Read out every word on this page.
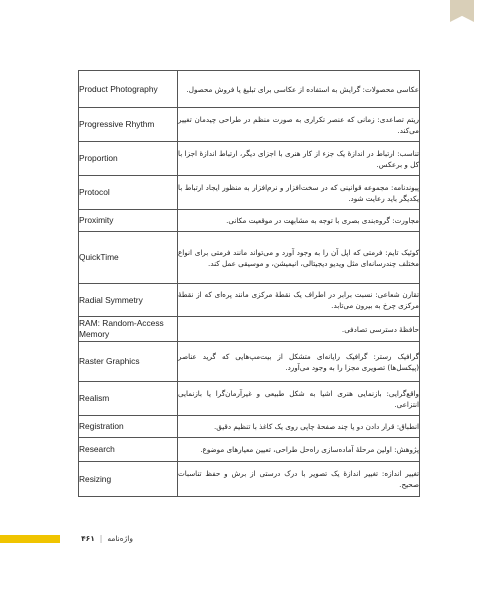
Product Photography	عکاسی محصولات: گرایش به استفاده از عکاسی برای تبلیغ یا فروش محصول.
Progressive Rhythm	ریتم تصاعدی: زمانی که عنصر تکراری به صورت منظم در طراحی چیدمان تغییر می‌کند.
Proportion	تناسب: ارتباط در اندازهٔ یک جزء از کار هنری با اجزای دیگر، ارتباط اندازهٔ اجزا با کل و برعکس.
Protocol	پیوندنامه: مجموعه قوانینی که در سخت‌افزار و نرم‌افزار به منظور ایجاد ارتباط با یکدیگر باید رعایت شود.
Proximity	مجاورت: گروه‌بندی بصری با توجه به مشابهت در موقعیت مکانی.
QuickTime	کوئیک تایم: فرمتی که اپل آن را به وجود آورد و می‌تواند مانند فرمتی برای انواع مختلف چندرسانه‌ای مثل ویدیو دیجیتالی، انیمیشن، و موسیقی عمل کند.
Radial Symmetry	تقارن شعاعی: نسبت برابر در اطراف یک نقطهٔ مرکزی مانند پره‌ای که از نقطهٔ مرکزی چرخ به بیرون می‌تابد.
RAM: Random-Access Memory	حافظهٔ دسترسی تصادفی.
Raster Graphics	گرافیک رستر: گرافیک رایانه‌ای متشکل از بیت‌مپ‌هایی که گرید عناصر (پیکسل‌ها) تصویری مجزا را به وجود می‌آورد.
Realism	واقع‌گرایی: بازنمایی هنری اشیا به شکل طبیعی و غیرآرمان‌گرا یا بازنمایی انتزاعی.
Registration	انطباق: قرار دادن دو یا چند صفحهٔ چاپی روی یک کاغذ با تنظیم دقیق.
Research	پژوهش: اولین مرحلهٔ آماده‌سازی راه‌حل طراحی، تعیین معیارهای موضوع.
Resizing	تغییر اندازه: تغییر اندازهٔ یک تصویر با درک درستی از برش و حفظ تناسبات صحیح.
واژه‌نامه
|
۴۶۱
